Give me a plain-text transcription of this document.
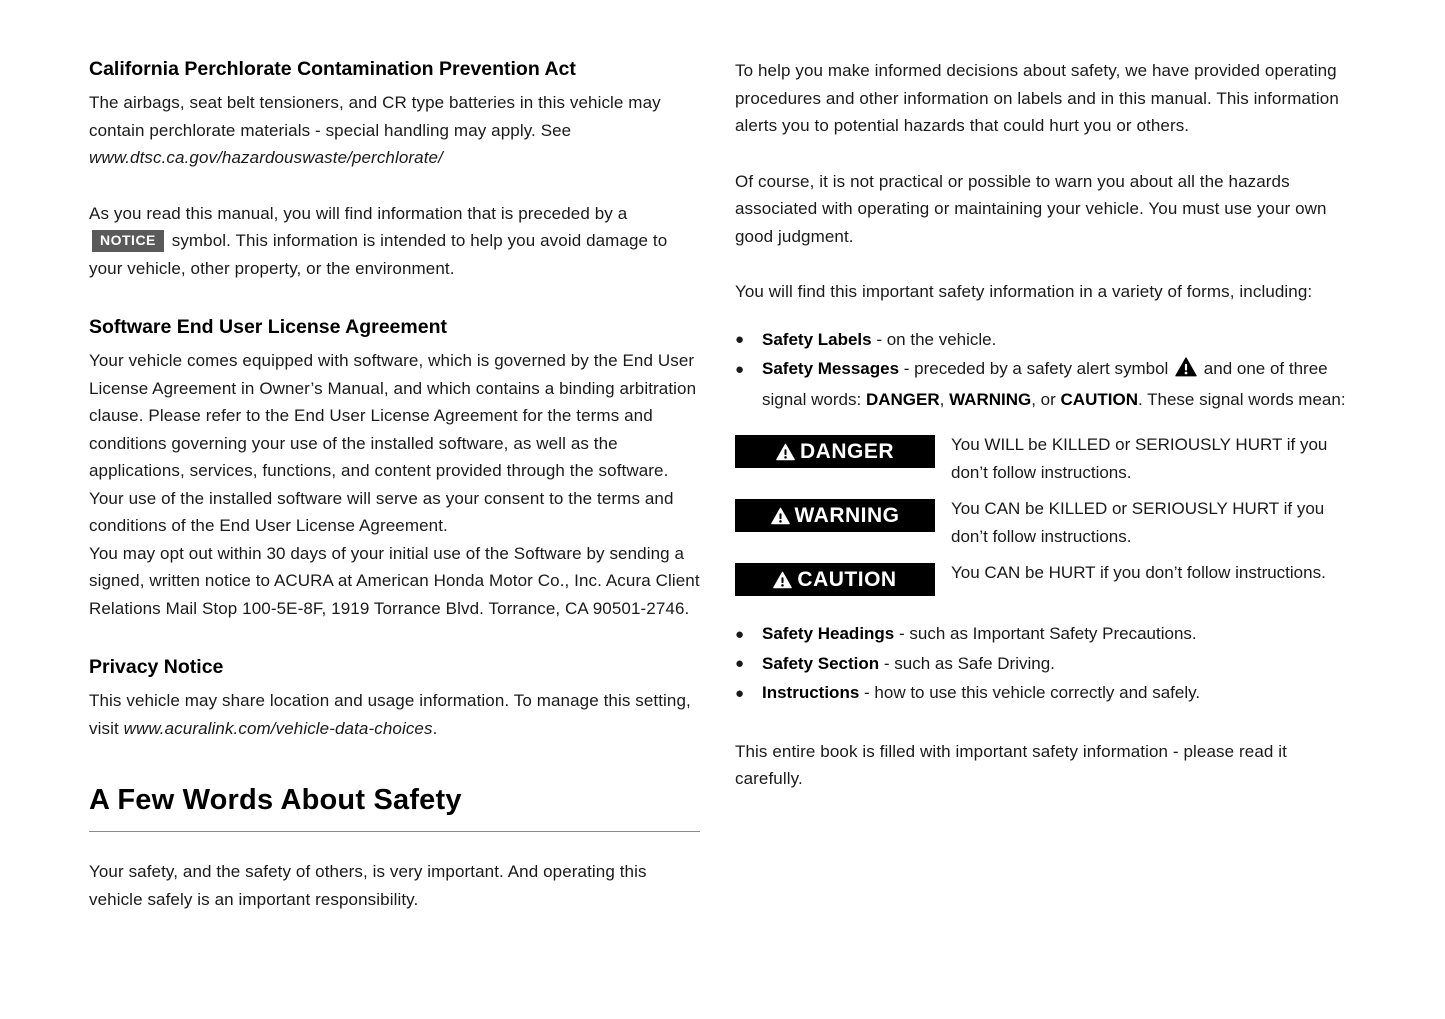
California Perchlorate Contamination Prevention Act

The airbags, seat belt tensioners, and CR type batteries in this vehicle may contain perchlorate materials - special handling may apply. See www.dtsc.ca.gov/hazardouswaste/perchlorate/

As you read this manual, you will find information that is preceded by a NOTICE symbol. This information is intended to help you avoid damage to your vehicle, other property, or the environment.

Software End User License Agreement

Your vehicle comes equipped with software, which is governed by the End User License Agreement in Owner’s Manual, and which contains a binding arbitration clause. Please refer to the End User License Agreement for the terms and conditions governing your use of the installed software, as well as the applications, services, functions, and content provided through the software. Your use of the installed software will serve as your consent to the terms and conditions of the End User License Agreement.

You may opt out within 30 days of your initial use of the Software by sending a signed, written notice to ACURA at American Honda Motor Co., Inc. Acura Client Relations Mail Stop 100-5E-8F, 1919 Torrance Blvd. Torrance, CA 90501-2746.

Privacy Notice

This vehicle may share location and usage information. To manage this setting, visit www.acuralink.com/vehicle-data-choices.

A Few Words About Safety

Your safety, and the safety of others, is very important. And operating this vehicle safely is an important responsibility.

To help you make informed decisions about safety, we have provided operating procedures and other information on labels and in this manual. This information alerts you to potential hazards that could hurt you or others.

Of course, it is not practical or possible to warn you about all the hazards associated with operating or maintaining your vehicle. You must use your own good judgment.

You will find this important safety information in a variety of forms, including:

● Safety Labels - on the vehicle.
● Safety Messages - preceded by a safety alert symbol  and one of three signal words: DANGER, WARNING, or CAUTION. These signal words mean:
DANGER	You WILL be KILLED or SERIOUSLY HURT if you don’t follow instructions.

WARNING	You CAN be KILLED or SERIOUSLY HURT if you don’t follow instructions.

CAUTION	You CAN be HURT if you don’t follow instructions.

● Safety Headings - such as Important Safety Precautions.
● Safety Section - such as Safe Driving.
● Instructions - how to use this vehicle correctly and safely.

This entire book is filled with important safety information - please read it carefully.
